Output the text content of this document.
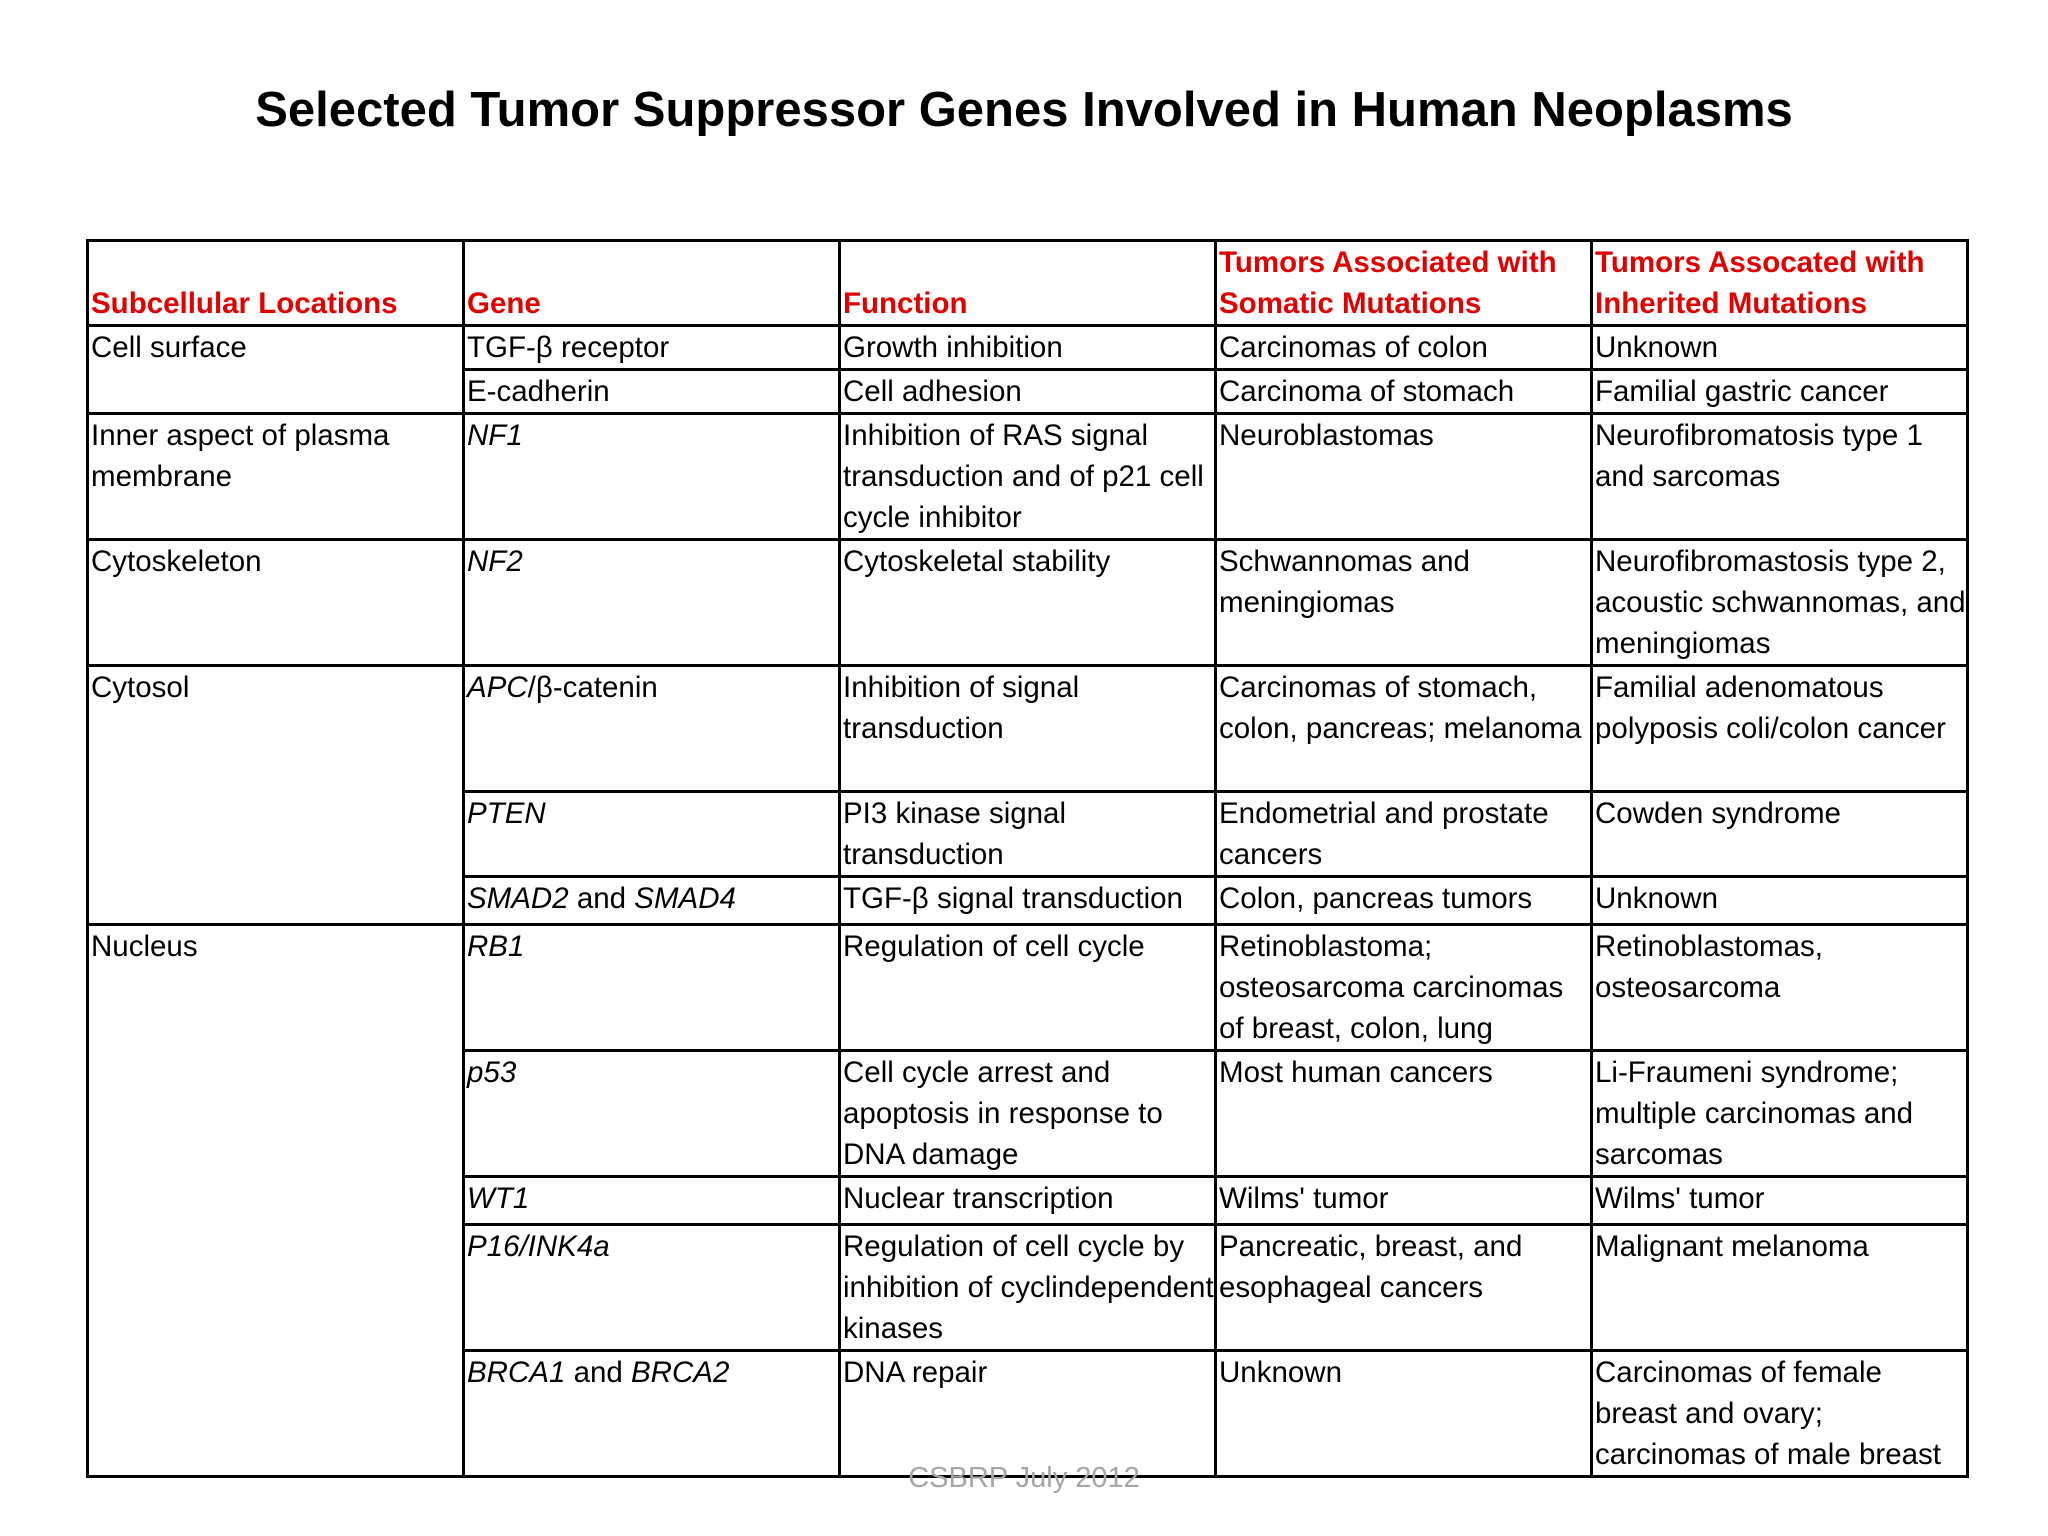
Selected Tumor Suppressor Genes Involved in Human Neoplasms
Subcellular Locations	Gene	Function	Tumors Associated with Somatic Mutations	Tumors Assocated with Inherited Mutations
Cell surface	TGF-β receptor	Growth inhibition	Carcinomas of colon	Unknown
	E-cadherin	Cell adhesion	Carcinoma of stomach	Familial gastric cancer
Inner aspect of plasma membrane	NF1	Inhibition of RAS signal transduction and of p21 cell cycle inhibitor	Neuroblastomas	Neurofibromatosis type 1 and sarcomas
Cytoskeleton	NF2	Cytoskeletal stability	Schwannomas and meningiomas	Neurofibromastosis type 2, acoustic schwannomas, and meningiomas
Cytosol	APC/β-catenin	Inhibition of signal transduction	Carcinomas of stomach, colon, pancreas; melanoma	Familial adenomatous polyposis coli/colon cancer
	PTEN	PI3 kinase signal transduction	Endometrial and prostate cancers	Cowden syndrome
	SMAD2 and SMAD4	TGF-β signal transduction	Colon, pancreas tumors	Unknown
Nucleus	RB1	Regulation of cell cycle	Retinoblastoma; osteosarcoma carcinomas of breast, colon, lung	Retinoblastomas, osteosarcoma
	p53	Cell cycle arrest and apoptosis in response to DNA damage	Most human cancers	Li-Fraumeni syndrome; multiple carcinomas and sarcomas
	WT1	Nuclear transcription	Wilms' tumor	Wilms' tumor
	P16/INK4a	Regulation of cell cycle by inhibition of cyclindependent kinases	Pancreatic, breast, and esophageal cancers	Malignant melanoma
	BRCA1 and BRCA2	DNA repair	Unknown	Carcinomas of female breast and ovary; carcinomas of male breast
CSBRP July 2012
